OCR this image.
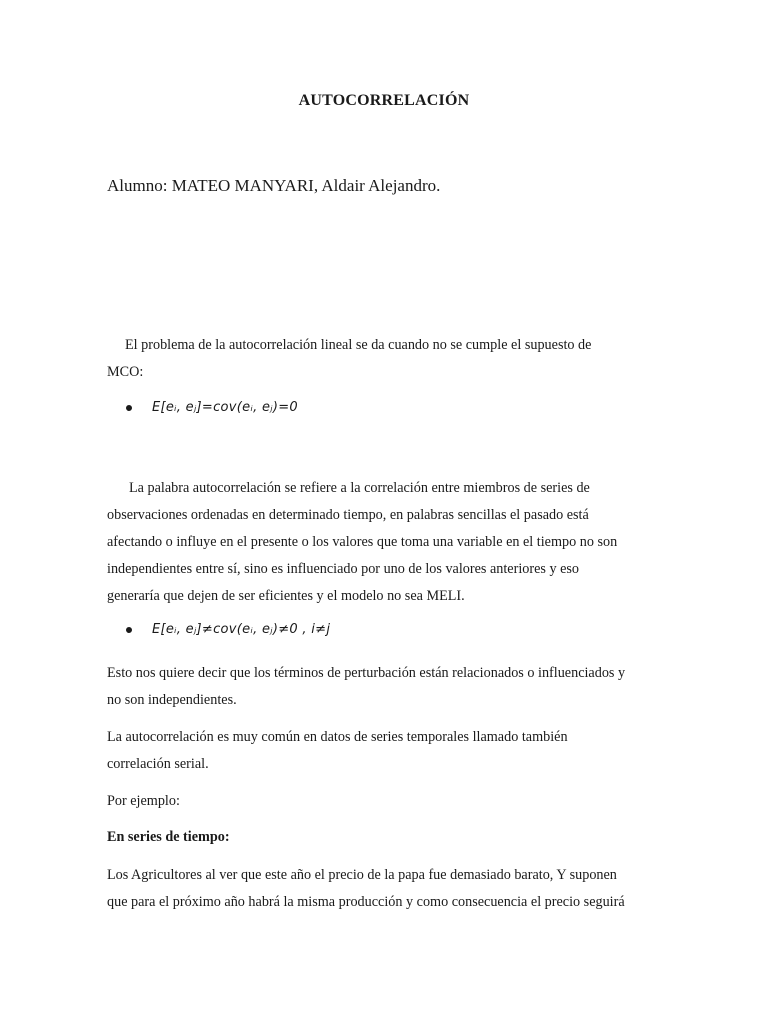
AUTOCORRELACIÓN
Alumno: MATEO MANYARI, Aldair Alejandro.
El problema de la autocorrelación lineal se da cuando no se cumple el supuesto de
MCO:
E[eᵢ, eⱼ]=cov(eᵢ, eⱼ)=0
La palabra autocorrelación se refiere a la correlación entre miembros de series de
observaciones ordenadas en determinado tiempo, en palabras sencillas el pasado está
afectando o influye en el presente o los valores que toma una variable en el tiempo no son
independientes entre sí, sino es influenciado por uno de los valores anteriores y eso
generaría que dejen de ser eficientes y el modelo no sea MELI.
E[eᵢ, eⱼ]≠cov(eᵢ, eⱼ)≠0 , i≠j
Esto nos quiere decir que los términos de perturbación están relacionados o influenciados y
no son independientes.
La autocorrelación es muy común en datos de series temporales llamado también
correlación serial.
Por ejemplo:
En series de tiempo:
Los Agricultores al ver que este año el precio de la papa fue demasiado barato, Y suponen
que para el próximo año habrá la misma producción y como consecuencia el precio seguirá
